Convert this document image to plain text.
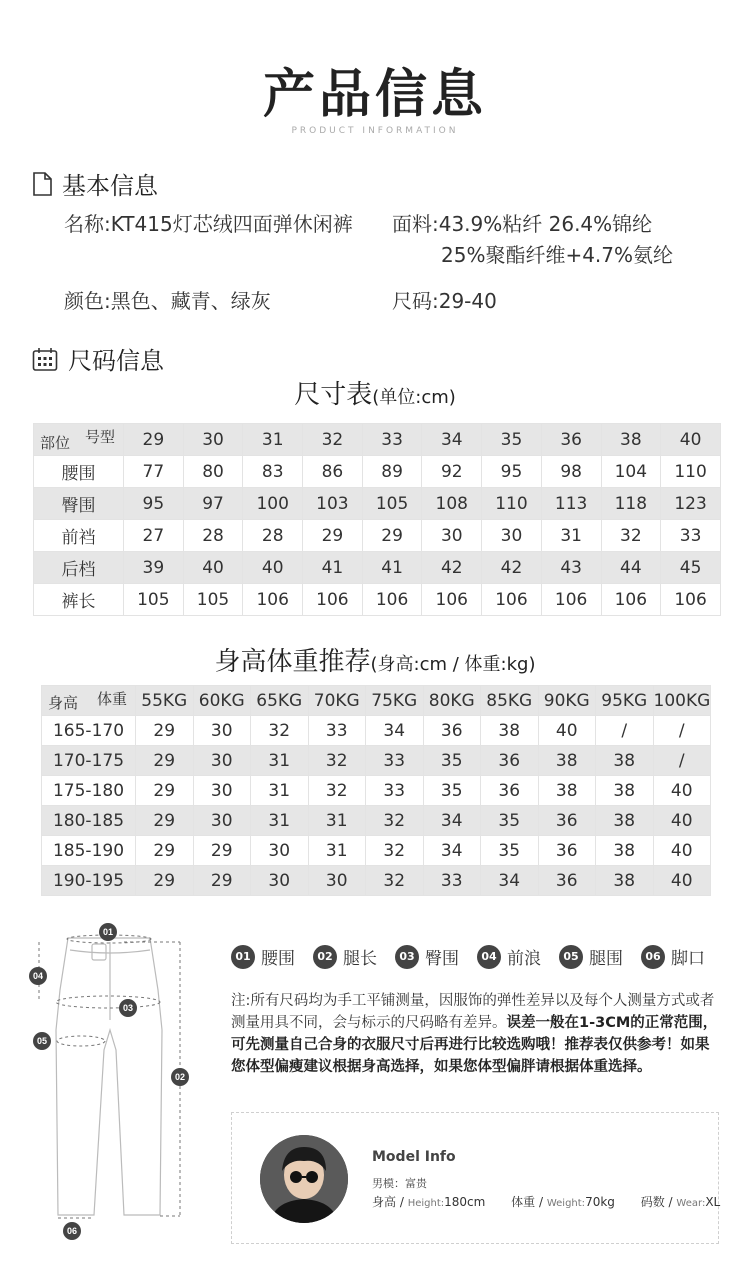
产品信息
PRODUCT INFORMATION
基本信息
名称:KT415灯芯绒四面弹休闲裤 面料:43.9%粘纤 26.4%锦纶
25%聚酯纤维+4.7%氨纶
颜色:黑色、藏青、绿灰	尺码:29-40
尺码信息
尺寸表(单位:cm)
号型
部位	29	30	31	32	33	34	35	36	38	40
腰围	77	80	83	86	89	92	95	98	104	110
臀围	95	97	100	103	105	108	110	113	118	123
前裆	27	28	28	29	29	30	30	31	32	33
后档	39	40	40	41	41	42	42	43	44	45
裤长	105	105	106	106	106	106	106	106	106	106
身高体重推荐(身高:cm / 体重:kg)
体重
身高	55KG	60KG	65KG	70KG	75KG	80KG	85KG	90KG	95KG	100KG
165-170	29	30	32	33	34	36	38	40	/	/
170-175	29	30	31	32	33	35	36	38	38	/
175-180	29	30	31	32	33	35	36	38	38	40
180-185	29	30	31	31	32	34	35	36	38	40
185-190	29	29	30	31	32	34	35	36	38	40
190-195	29	29	30	30	32	33	34	36	38	40
01
04
03
05
02
06
01 腰围	02 腿长	03 臀围	04 前浪	05 腿围	06 脚口
注:所有尺码均为手工平铺测量，因服饰的弹性差异以及每个人测量方式或者测量用具不同，会与标示的尺码略有差异。误差一般在1-3CM的正常范围，可先测量自己合身的衣服尺寸后再进行比较选购哦！推荐表仅供参考！如果您体型偏瘦建议根据身高选择，如果您体型偏胖请根据体重选择。
Model Info
男模：富贵
身高 / Height:180cm 体重 / Weight:70kg 码数 / Wear:XL
